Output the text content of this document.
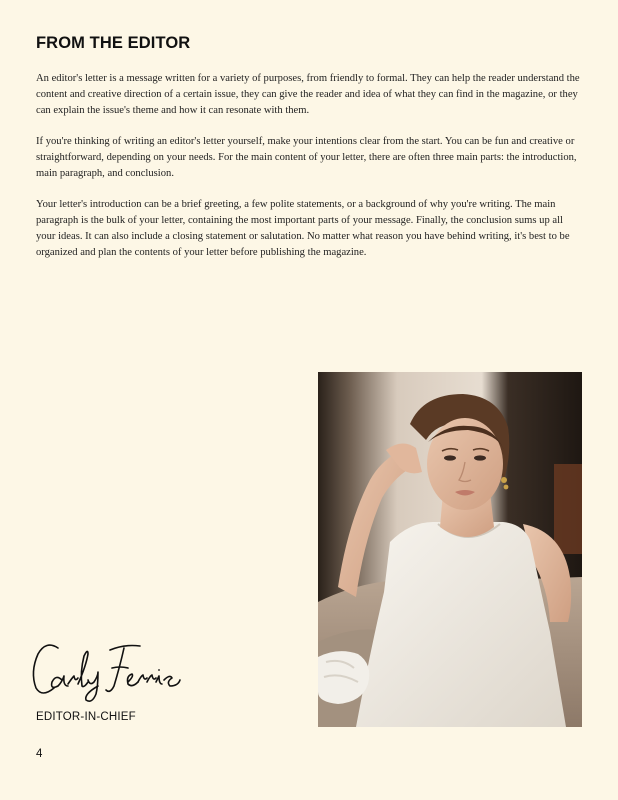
FROM THE EDITOR

An editor's letter is a message written for a variety of purposes, from friendly to formal. They can help the reader understand the content and creative direction of a certain issue, they can give the reader and idea of what they can find in the magazine, or they can explain the issue's theme and how it can resonate with them.

If you're thinking of writing an editor's letter yourself, make your intentions clear from the start. You can be fun and creative or straightforward, depending on your needs. For the main content of your letter, there are often three main parts: the introduction, main paragraph, and conclusion.

Your letter's introduction can be a brief greeting, a few polite statements, or a background of why you're writing. The main paragraph is the bulk of your letter, containing the most important parts of your message. Finally, the conclusion sums up all your ideas. It can also include a closing statement or salutation. No matter what reason you have behind writing, it's best to be organized and plan the contents of your letter before publishing the magazine.

EDITOR-IN-CHIEF

4
